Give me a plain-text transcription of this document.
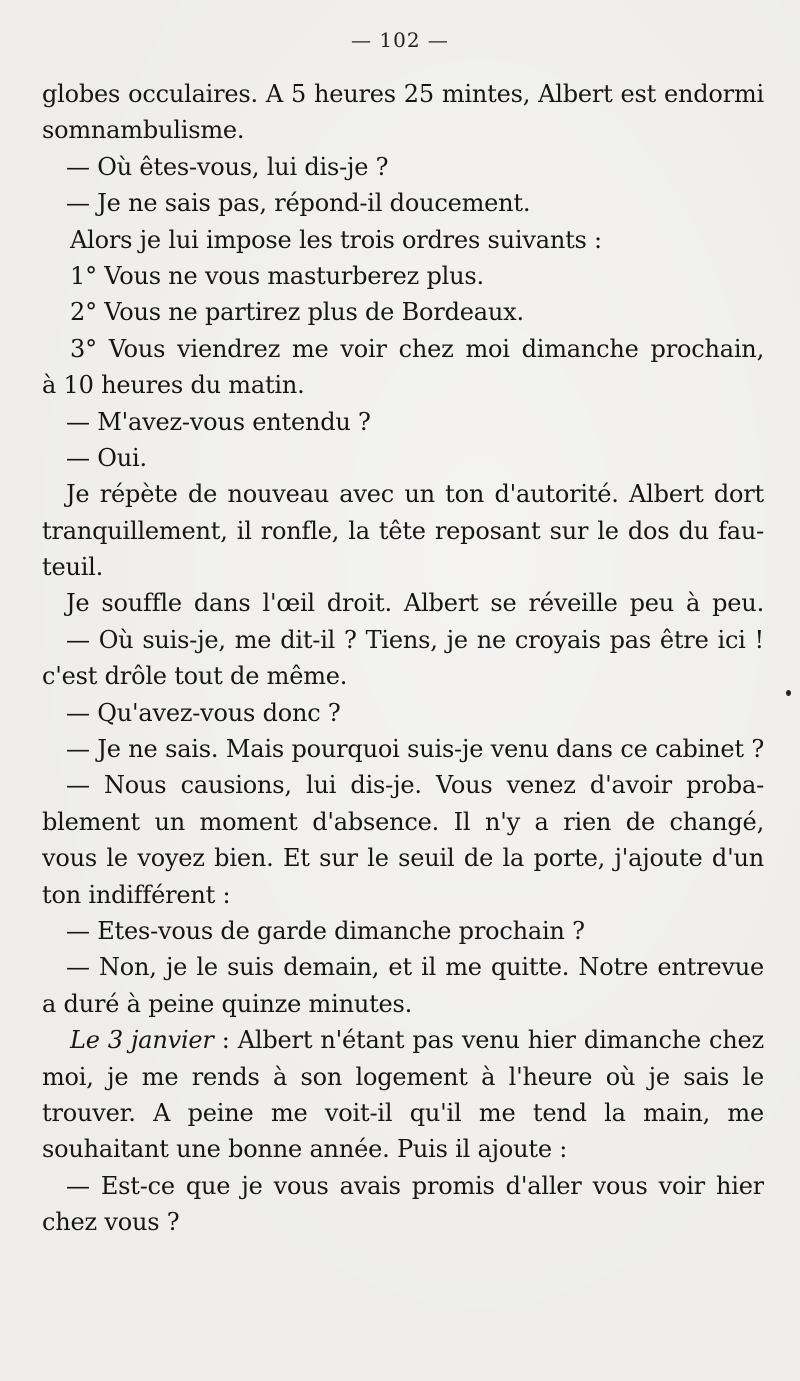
— 102 —
globes occulaires. A 5 heures 25 mintes, Albert est endormi
somnambulisme.
— Où êtes-vous, lui dis-je ?
— Je ne sais pas, répond-il doucement.
Alors je lui impose les trois ordres suivants :
1° Vous ne vous masturberez plus.
2° Vous ne partirez plus de Bordeaux.
3° Vous viendrez me voir chez moi dimanche prochain,
à 10 heures du matin.
— M'avez-vous entendu ?
— Oui.
Je répète de nouveau avec un ton d'autorité. Albert dort
tranquillement, il ronfle, la tête reposant sur le dos du fau-
teuil.
Je souffle dans l'œil droit. Albert se réveille peu à peu.
— Où suis-je, me dit-il ? Tiens, je ne croyais pas être ici !
c'est drôle tout de même.
— Qu'avez-vous donc ?
— Je ne sais. Mais pourquoi suis-je venu dans ce cabinet ?
— Nous causions, lui dis-je. Vous venez d'avoir proba-
blement un moment d'absence. Il n'y a rien de changé,
vous le voyez bien. Et sur le seuil de la porte, j'ajoute d'un
ton indifférent :
— Etes-vous de garde dimanche prochain ?
— Non, je le suis demain, et il me quitte. Notre entrevue
a duré à peine quinze minutes.
Le 3 janvier : Albert n'étant pas venu hier dimanche chez
moi, je me rends à son logement à l'heure où je sais le
trouver. A peine me voit-il qu'il me tend la main, me
souhaitant une bonne année. Puis il ajoute :
— Est-ce que je vous avais promis d'aller vous voir hier
chez vous ?
